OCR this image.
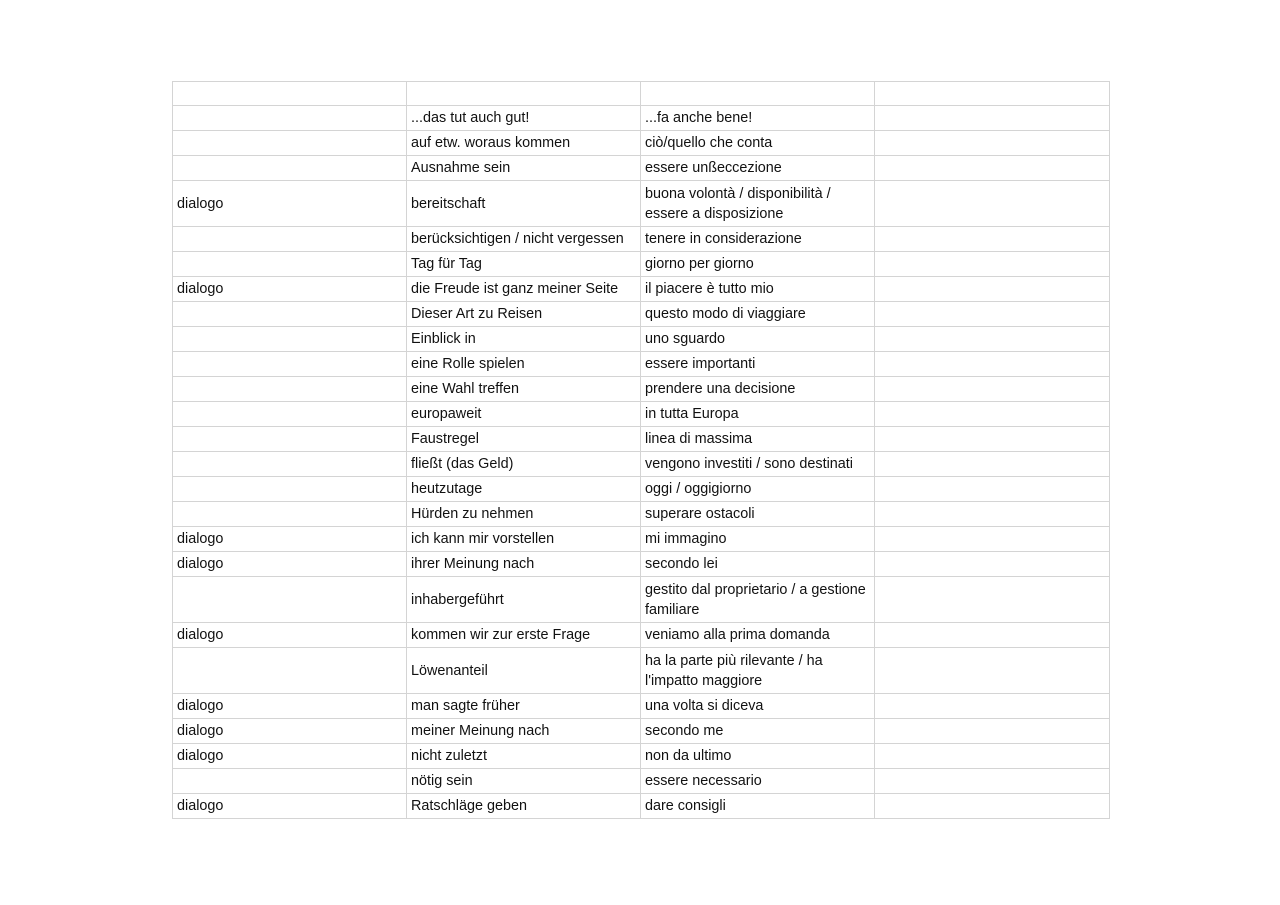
	...das tut auch gut!	...fa anche bene!	
	auf etw. woraus kommen	ciò/quello che conta	
	Ausnahme sein	essere unßeccezione	
dialogo	bereitschaft	buona volontà / disponibilità / essere a disposizione	
	berücksichtigen / nicht vergessen	tenere in considerazione	
	Tag für Tag	giorno per giorno	
dialogo	die Freude ist ganz meiner Seite	il piacere è tutto mio	
	Dieser Art zu Reisen	questo modo di viaggiare	
	Einblick in	uno sguardo	
	eine Rolle spielen	essere importanti	
	eine Wahl treffen	prendere una decisione	
	europaweit	in tutta Europa	
	Faustregel	linea di massima	
	fließt (das Geld)	vengono investiti / sono destinati	
	heutzutage	oggi / oggigiorno	
	Hürden zu nehmen	superare ostacoli	
dialogo	ich kann mir vorstellen	mi immagino	
dialogo	ihrer Meinung nach	secondo lei	
	inhabergeführt	gestito dal proprietario / a gestione familiare	
dialogo	kommen wir zur erste Frage	veniamo alla prima domanda	
	Löwenanteil	ha la parte più rilevante / ha l'impatto maggiore	
dialogo	man sagte früher	una volta si diceva	
dialogo	meiner Meinung nach	secondo me	
dialogo	nicht zuletzt	non da ultimo	
	nötig sein	essere necessario	
dialogo	Ratschläge geben	dare consigli	
